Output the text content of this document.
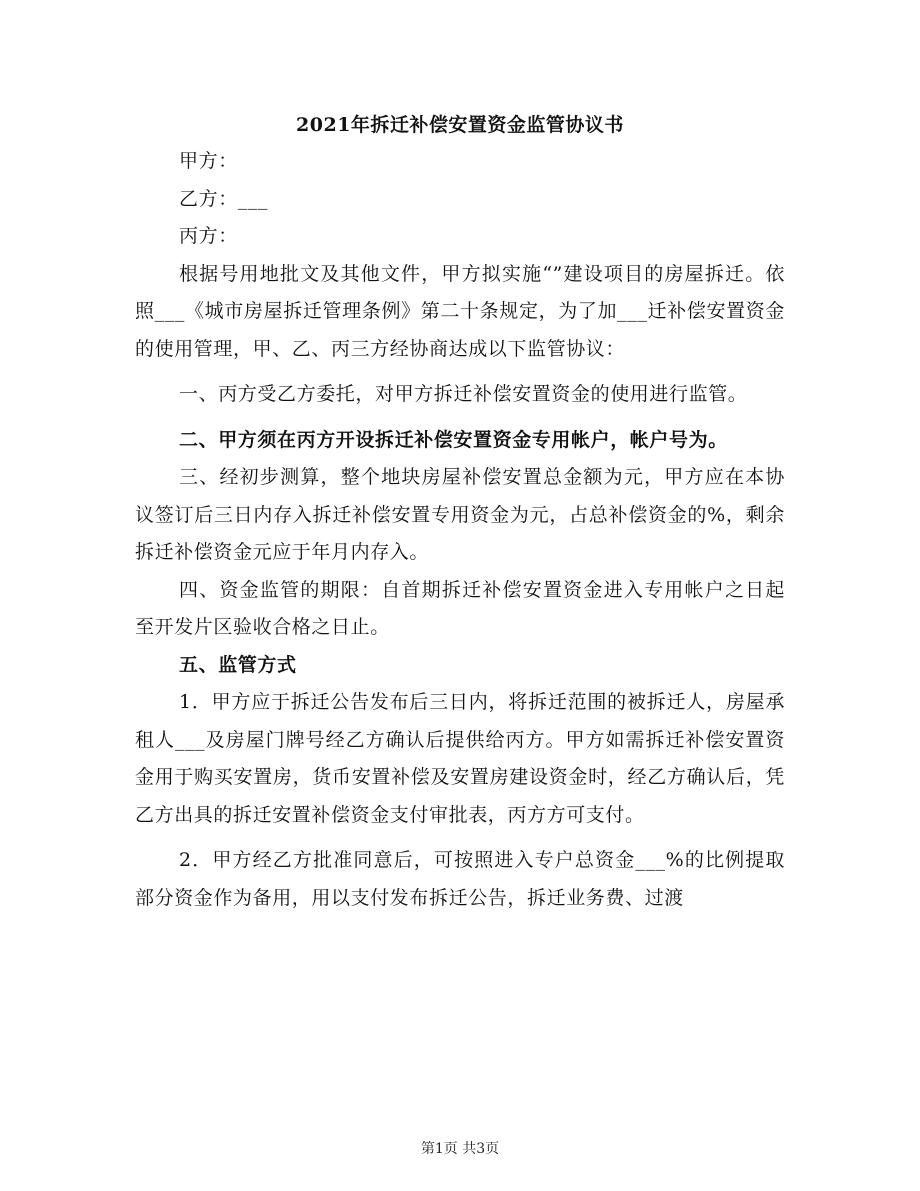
2021年拆迁补偿安置资金监管协议书

甲方：

乙方：___

丙方：

根据号用地批文及其他文件，甲方拟实施“”建设项目的房屋拆迁。依照___《城市房屋拆迁管理条例》第二十条规定，为了加___迁补偿安置资金的使用管理，甲、乙、丙三方经协商达成以下监管协议：

一、丙方受乙方委托，对甲方拆迁补偿安置资金的使用进行监管。

二、甲方须在丙方开设拆迁补偿安置资金专用帐户，帐户号为。

三、经初步测算，整个地块房屋补偿安置总金额为元，甲方应在本协议签订后三日内存入拆迁补偿安置专用资金为元，占总补偿资金的%，剩余拆迁补偿资金元应于年月内存入。

四、资金监管的期限：自首期拆迁补偿安置资金进入专用帐户之日起至开发片区验收合格之日止。

五、监管方式

1．甲方应于拆迁公告发布后三日内，将拆迁范围的被拆迁人，房屋承租人___及房屋门牌号经乙方确认后提供给丙方。甲方如需拆迁补偿安置资金用于购买安置房，货币安置补偿及安置房建设资金时，经乙方确认后，凭乙方出具的拆迁安置补偿资金支付审批表，丙方方可支付。

2．甲方经乙方批准同意后，可按照进入专户总资金___%的比例提取部分资金作为备用，用以支付发布拆迁公告，拆迁业务费、过渡

第1页 共3页
